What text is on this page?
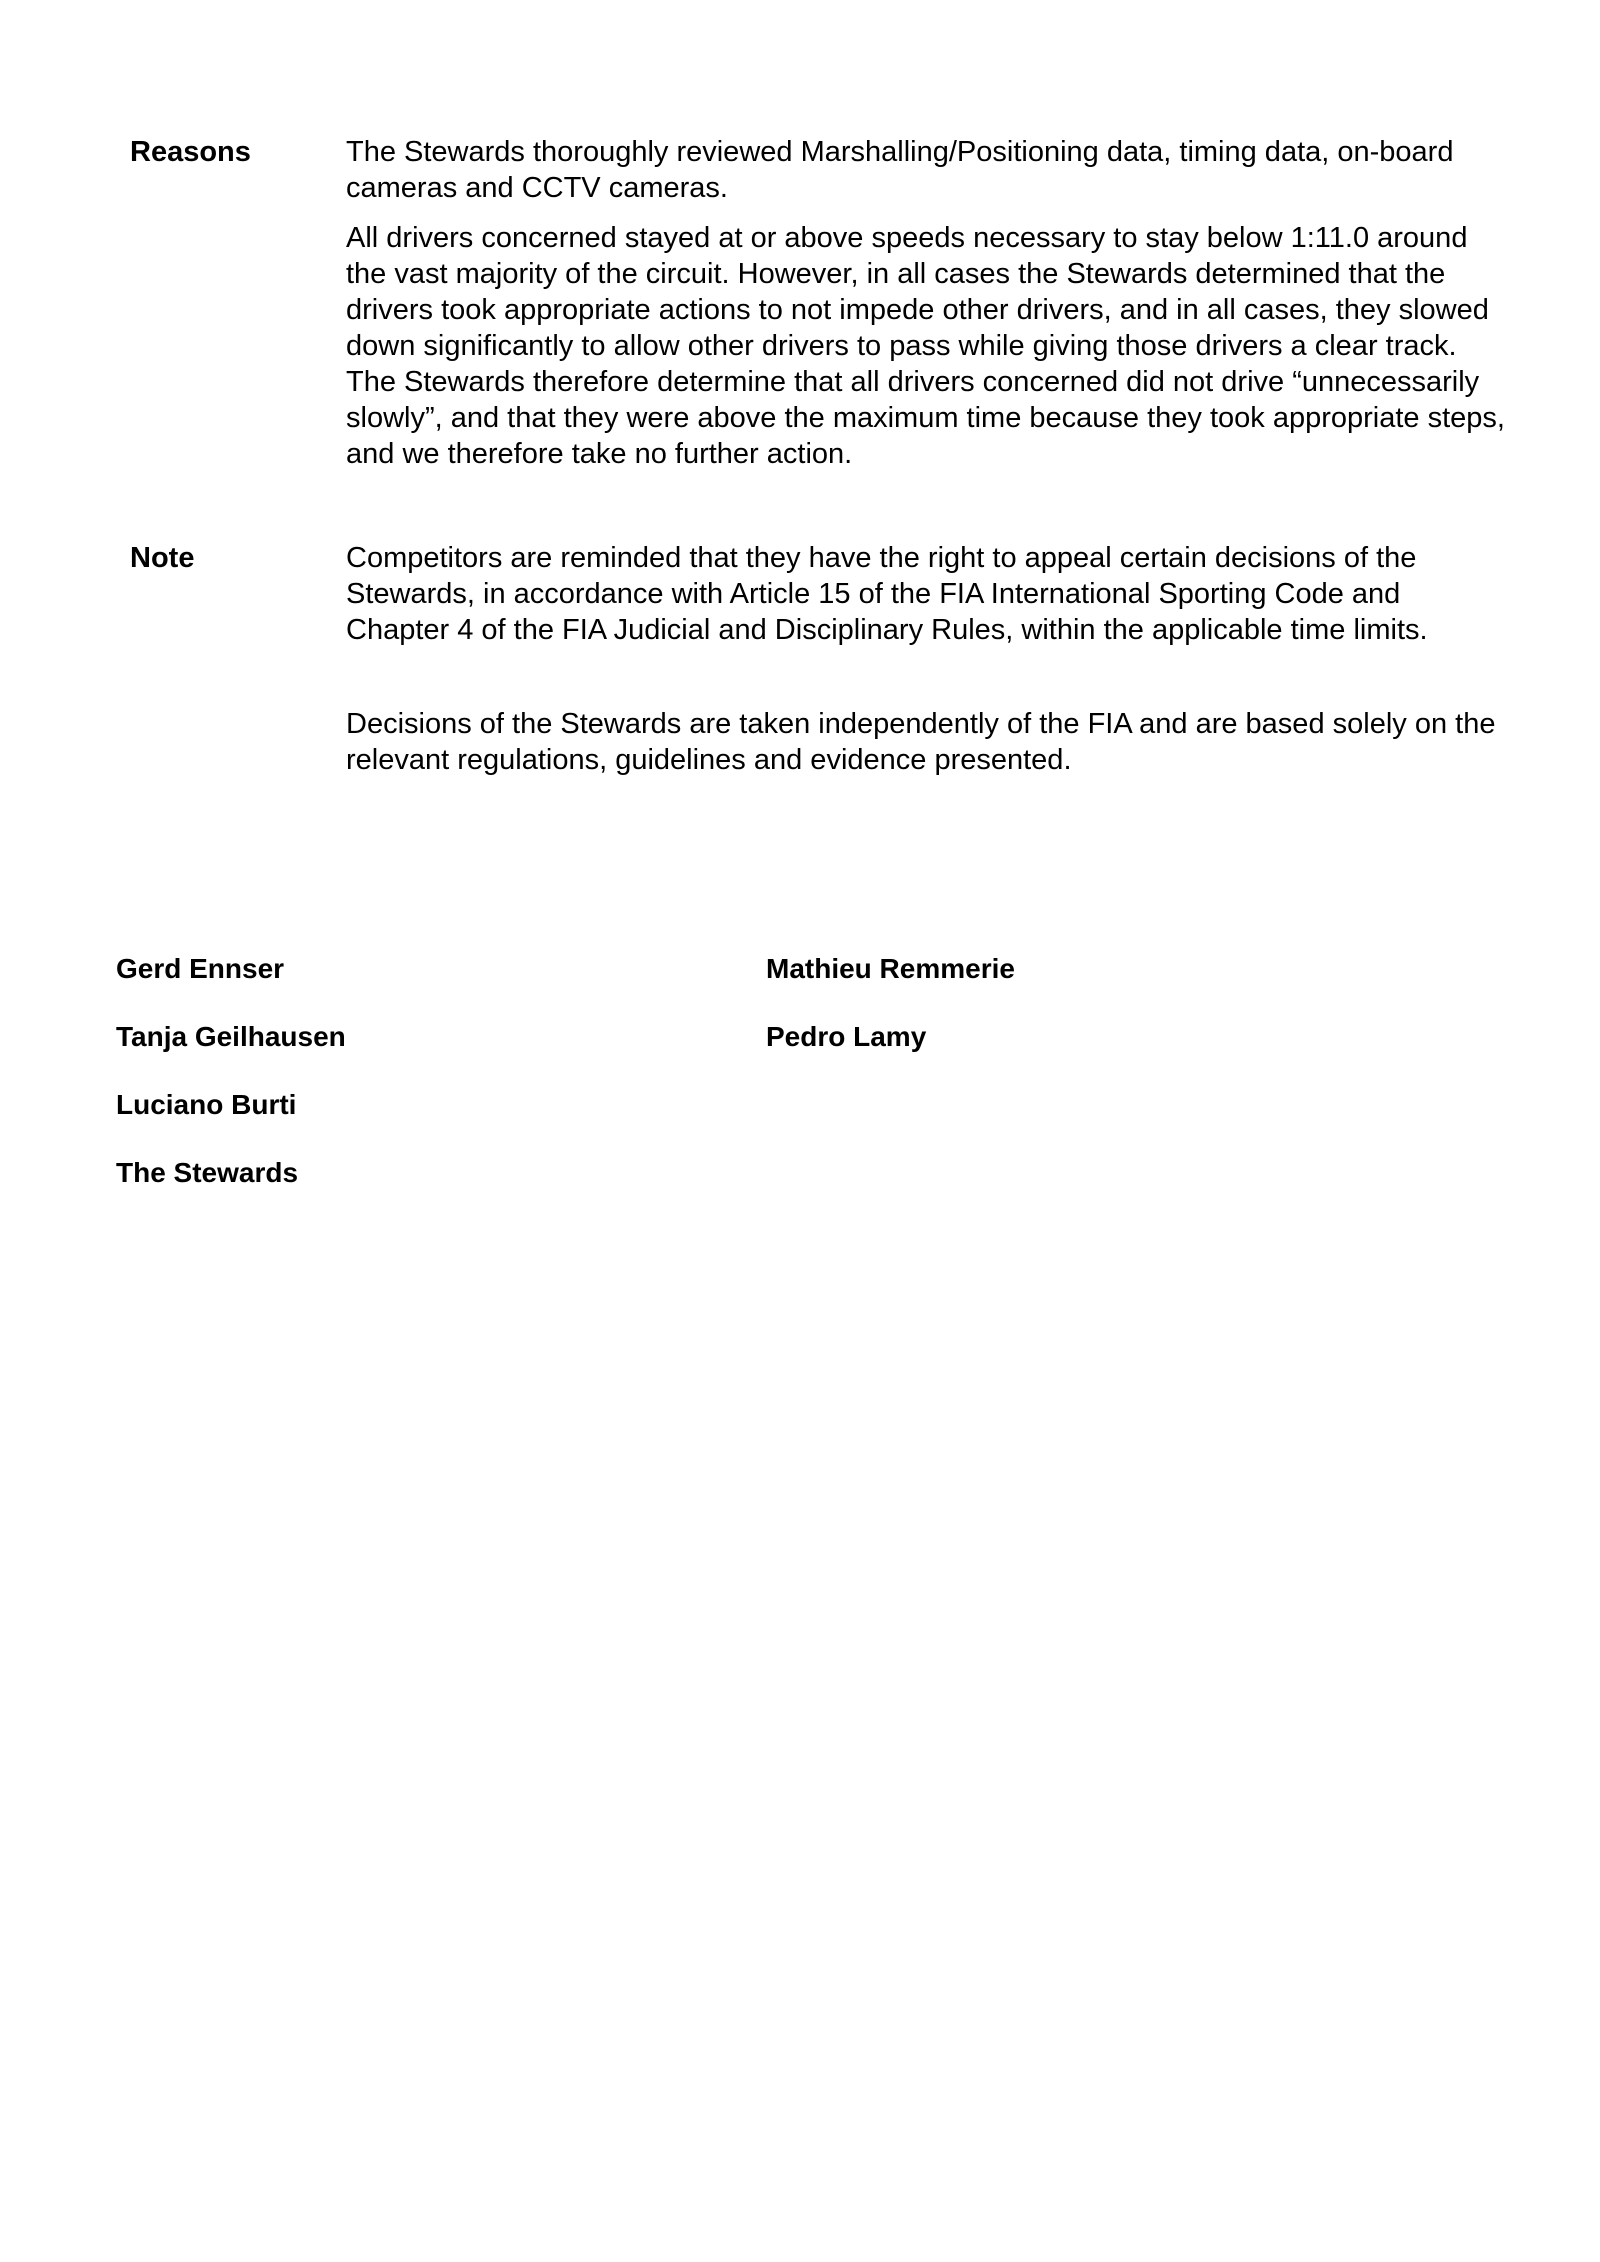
Reasons	The Stewards thoroughly reviewed Marshalling/Positioning data, timing data, on-board cameras and CCTV cameras.

All drivers concerned stayed at or above speeds necessary to stay below 1:11.0 around the vast majority of the circuit. However, in all cases the Stewards determined that the drivers took appropriate actions to not impede other drivers, and in all cases, they slowed down significantly to allow other drivers to pass while giving those drivers a clear track. The Stewards therefore determine that all drivers concerned did not drive “unnecessarily slowly”, and that they were above the maximum time because they took appropriate steps, and we therefore take no further action.

Note	Competitors are reminded that they have the right to appeal certain decisions of the Stewards, in accordance with Article 15 of the FIA International Sporting Code and Chapter 4 of the FIA Judicial and Disciplinary Rules, within the applicable time limits.

Decisions of the Stewards are taken independently of the FIA and are based solely on the relevant regulations, guidelines and evidence presented.

Gerd Ennser
Tanja Geilhausen
Luciano Burti
The Stewards
Mathieu Remmerie
Pedro Lamy
